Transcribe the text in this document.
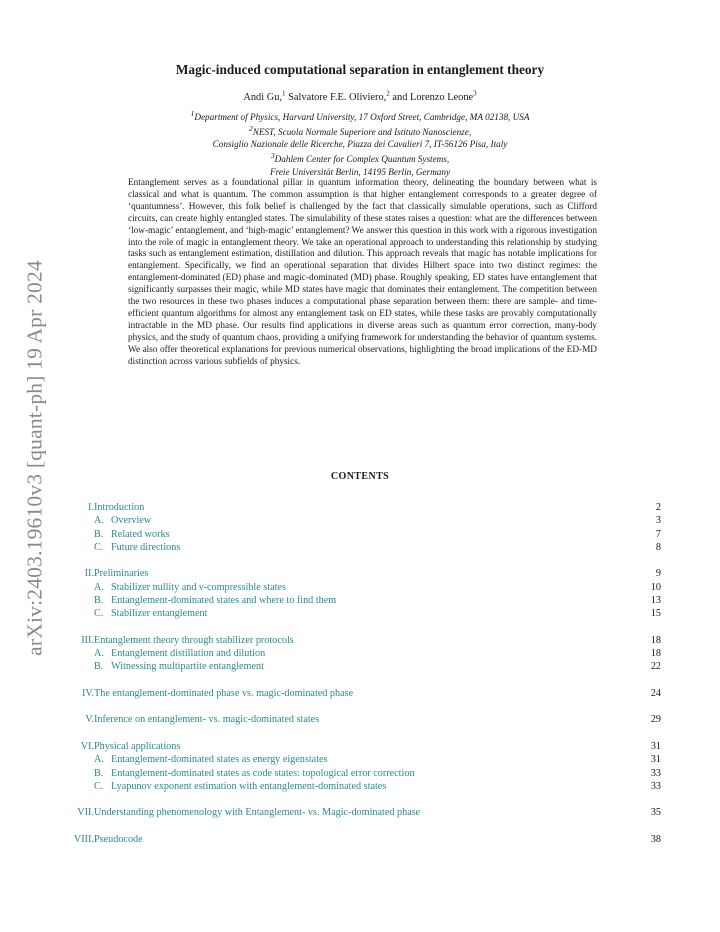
arXiv:2403.19610v3 [quant-ph] 19 Apr 2024
Magic-induced computational separation in entanglement theory
Andi Gu,$^1$ Salvatore F.E. Oliviero,$^2$ and Lorenzo Leone$^3$
$^1$Department of Physics, Harvard University, 17 Oxford Street, Cambridge, MA 02138, USA
$^2$NEST, Scuola Normale Superiore and Istituto Nanoscienze,
Consiglio Nazionale delle Ricerche, Piazza dei Cavalieri 7, IT-56126 Pisa, Italy
$^3$Dahlem Center for Complex Quantum Systems,
Freie Universität Berlin, 14195 Berlin, Germany
Entanglement serves as a foundational pillar in quantum information theory, delineating the boundary between what is classical and what is quantum. The common assumption is that higher entanglement corresponds to a greater degree of ‘quantumness’. However, this folk belief is challenged by the fact that classically simulable operations, such as Clifford circuits, can create highly entangled states. The simulability of these states raises a question: what are the differences between ‘low-magic’ entanglement, and ‘high-magic’ entanglement? We answer this question in this work with a rigorous investigation into the role of magic in entanglement theory. We take an operational approach to understanding this relationship by studying tasks such as entanglement estimation, distillation and dilution. This approach reveals that magic has notable implications for entanglement. Specifically, we find an operational separation that divides Hilbert space into two distinct regimes: the entanglement-dominated (ED) phase and magic-dominated (MD) phase. Roughly speaking, ED states have entanglement that significantly surpasses their magic, while MD states have magic that dominates their entanglement. The competition between the two resources in these two phases induces a computational phase separation between them: there are sample- and time-efficient quantum algorithms for almost any entanglement task on ED states, while these tasks are provably computationally intractable in the MD phase. Our results find applications in diverse areas such as quantum error correction, many-body physics, and the study of quantum chaos, providing a unifying framework for understanding the behavior of quantum systems. We also offer theoretical explanations for previous numerical observations, highlighting the broad implications of the ED-MD distinction across various subfields of physics.
CONTENTS
I. Introduction	2
A. Overview	3
B. Related works	7
C. Future directions	8
II. Preliminaries	9
A. Stabilizer nullity and ν-compressible states	10
B. Entanglement-dominated states and where to find them	13
C. Stabilizer entanglement	15
III. Entanglement theory through stabilizer protocols	18
A. Entanglement distillation and dilution	18
B. Witnessing multipartite entanglement	22
IV. The entanglement-dominated phase vs. magic-dominated phase	24
V. Inference on entanglement- vs. magic-dominated states	29
VI. Physical applications	31
A. Entanglement-dominated states as energy eigenstates	31
B. Entanglement-dominated states as code states: topological error correction	33
C. Lyapunov exponent estimation with entanglement-dominated states	33
VII. Understanding phenomenology with Entanglement- vs. Magic-dominated phase	35
VIII. Pseudocode	38
